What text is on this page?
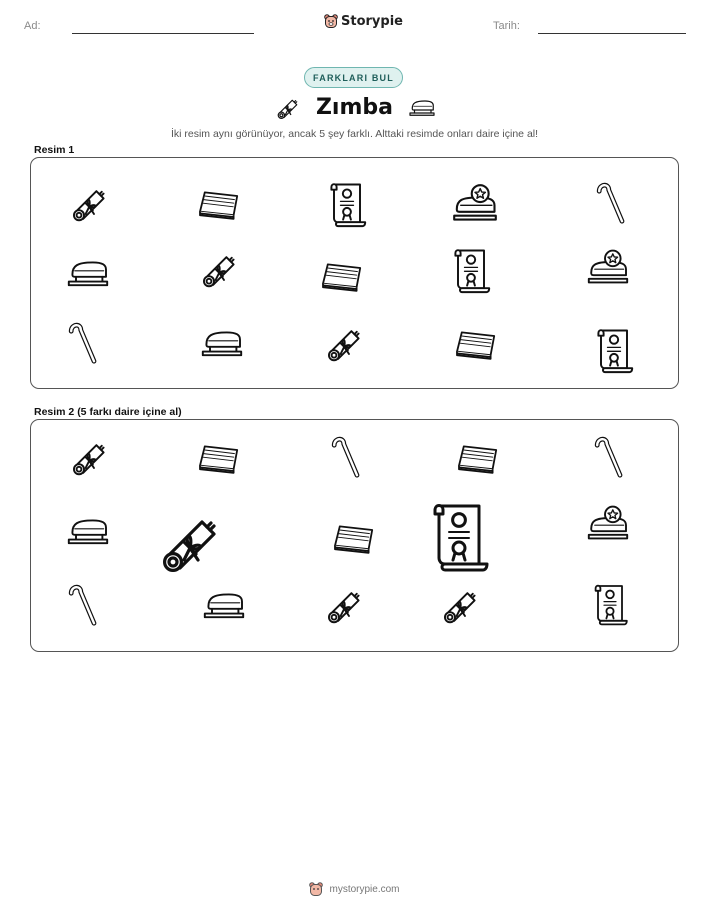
Ad:	Storypie	Tarih:
FARKLARI BUL
Zımba
İki resim aynı görünüyor, ancak 5 şey farklı. Alttaki resimde onları daire içine al!
Resim 1
Resim 2 (5 farkı daire içine al)
mystorypie.com
